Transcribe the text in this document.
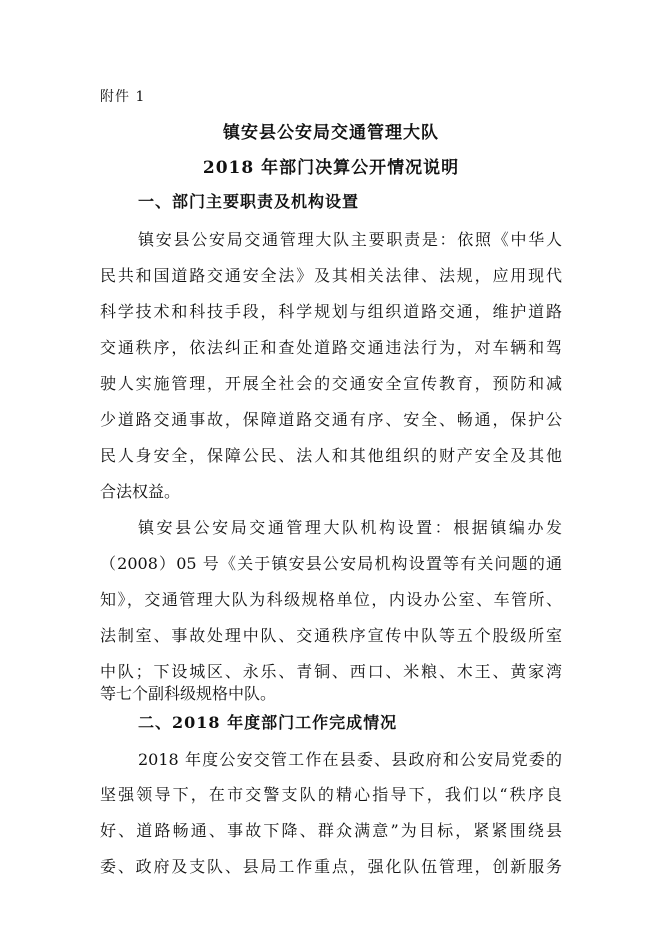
附件 1
镇安县公安局交通管理大队
2018 年部门决算公开情况说明
一、部门主要职责及机构设置
镇安县公安局交通管理大队主要职责是：依照《中华人
民共和国道路交通安全法》及其相关法律、法规，应用现代
科学技术和科技手段，科学规划与组织道路交通，维护道路
交通秩序，依法纠正和查处道路交通违法行为，对车辆和驾
驶人实施管理，开展全社会的交通安全宣传教育，预防和减
少道路交通事故，保障道路交通有序、安全、畅通，保护公
民人身安全，保障公民、法人和其他组织的财产安全及其他
合法权益。
镇安县公安局交通管理大队机构设置：根据镇编办发
（2008）05 号《关于镇安县公安局机构设置等有关问题的通
知》，交通管理大队为科级规格单位，内设办公室、车管所、
法制室、事故处理中队、交通秩序宣传中队等五个股级所室
中队；下设城区、永乐、青铜、西口、米粮、木王、黄家湾
等七个副科级规格中队。
二、2018 年度部门工作完成情况
2018 年度公安交管工作在县委、县政府和公安局党委的
坚强领导下，在市交警支队的精心指导下，我们以“秩序良
好、道路畅通、事故下降、群众满意”为目标，紧紧围绕县
委、政府及支队、县局工作重点，强化队伍管理，创新服务
